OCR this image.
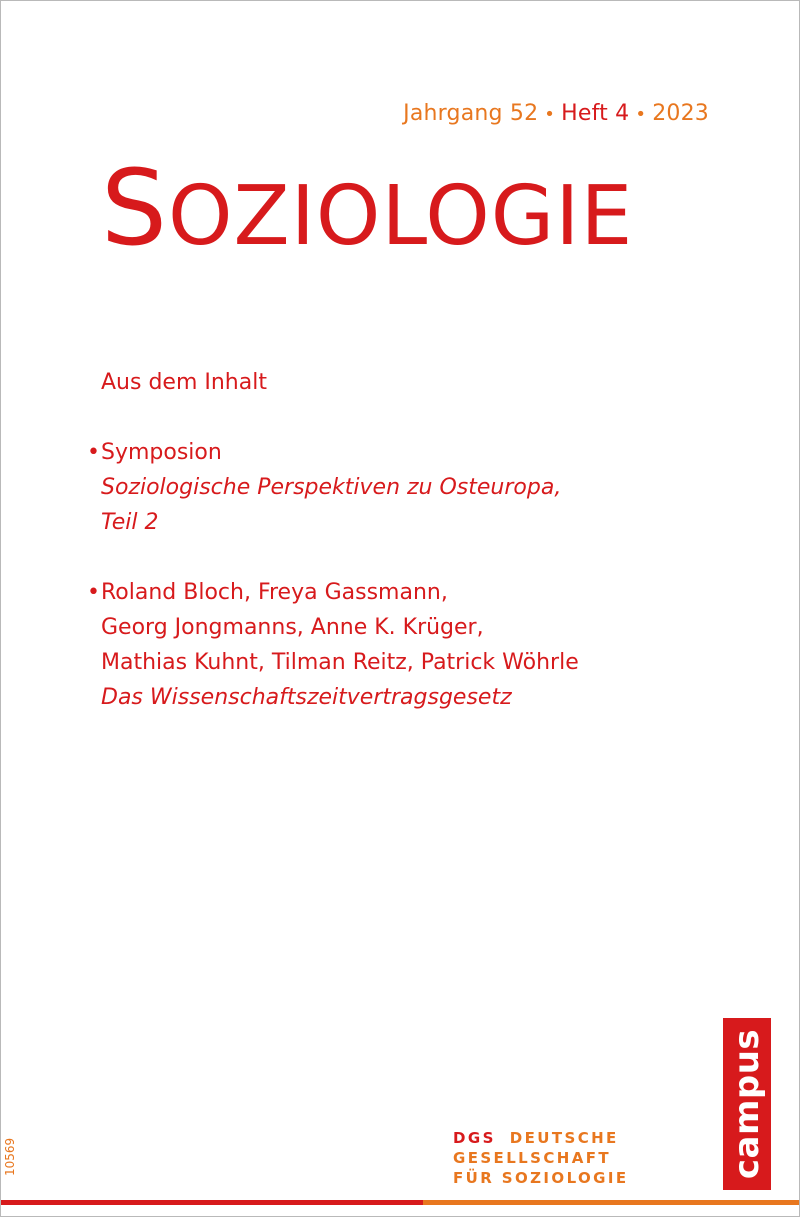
Jahrgang 52 • Heft 4 • 2023
SOZIOLOGIE
Aus dem Inhalt
• Symposion
Soziologische Perspektiven zu Osteuropa,
Teil 2
• Roland Bloch, Freya Gassmann,
Georg Jongmanns, Anne K. Krüger,
Mathias Kuhnt, Tilman Reitz, Patrick Wöhrle
Das Wissenschaftszeitvertragsgesetz
10569	campus
DGS DEUTSCHE
GESELLSCHAFT
FÜR SOZIOLOGIE
